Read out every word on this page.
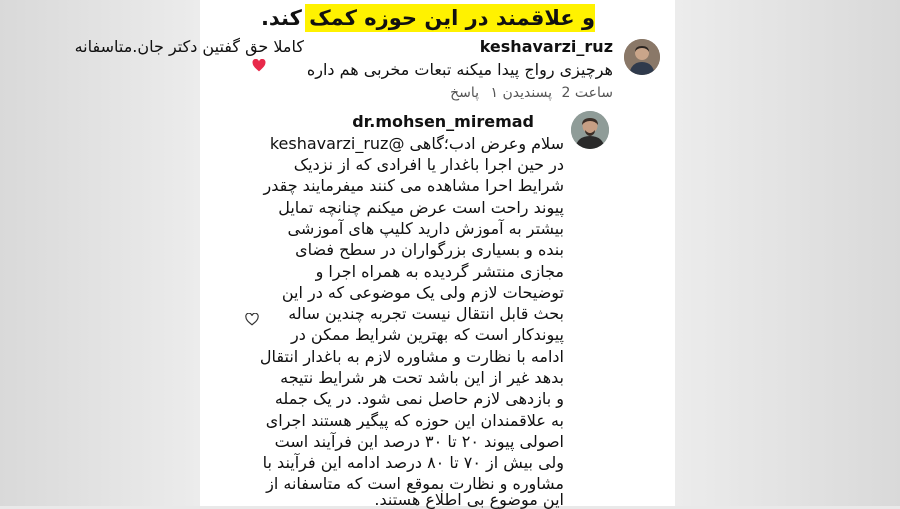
و علاقمند در این حوزه کمک کند.
keshavarzi_ruz
کاملا حق گفتین دکتر جان.متاسفانه
هرچیزی رواج پیدا میکنه تبعات مخربی هم داره
2 ساعت
۱ پسندیدن
پاسخ
dr.mohsen_miremad
سلام وعرض ادب؛گاهی @keshavarzi_ruz
در حین اجرا باغدار یا افرادی که از نزدیک
شرایط احرا مشاهده می کنند میفرمایند چقدر
پیوند راحت است عرض میکنم چنانچه تمایل
بیشتر به آموزش دارید کلیپ های آموزشی
بنده و بسیاری بزرگواران در سطح فضای
مجازی منتشر گردیده به همراه اجرا و
توضیحات لازم ولی یک موضوعی که در این
بحث قابل انتقال نیست تجربه چندین ساله
پیوندکار است که بهترین شرایط ممکن در
ادامه با نظارت و مشاوره لازم به باغدار انتقال
بدهد غیر از این باشد تحت هر شرایط نتیجه
و بازدهی لازم حاصل نمی شود. در یک جمله
به علاقمندان این حوزه که پیگیر هستند اجرای
اصولی پیوند ۲۰ تا ۳۰ درصد این فرآیند است
ولی بیش از ۷۰ تا ۸۰ درصد ادامه این فرآیند با
مشاوره و نظارت بموقع است که متاسفانه از
این موضوع بی اطلاع هستند.
